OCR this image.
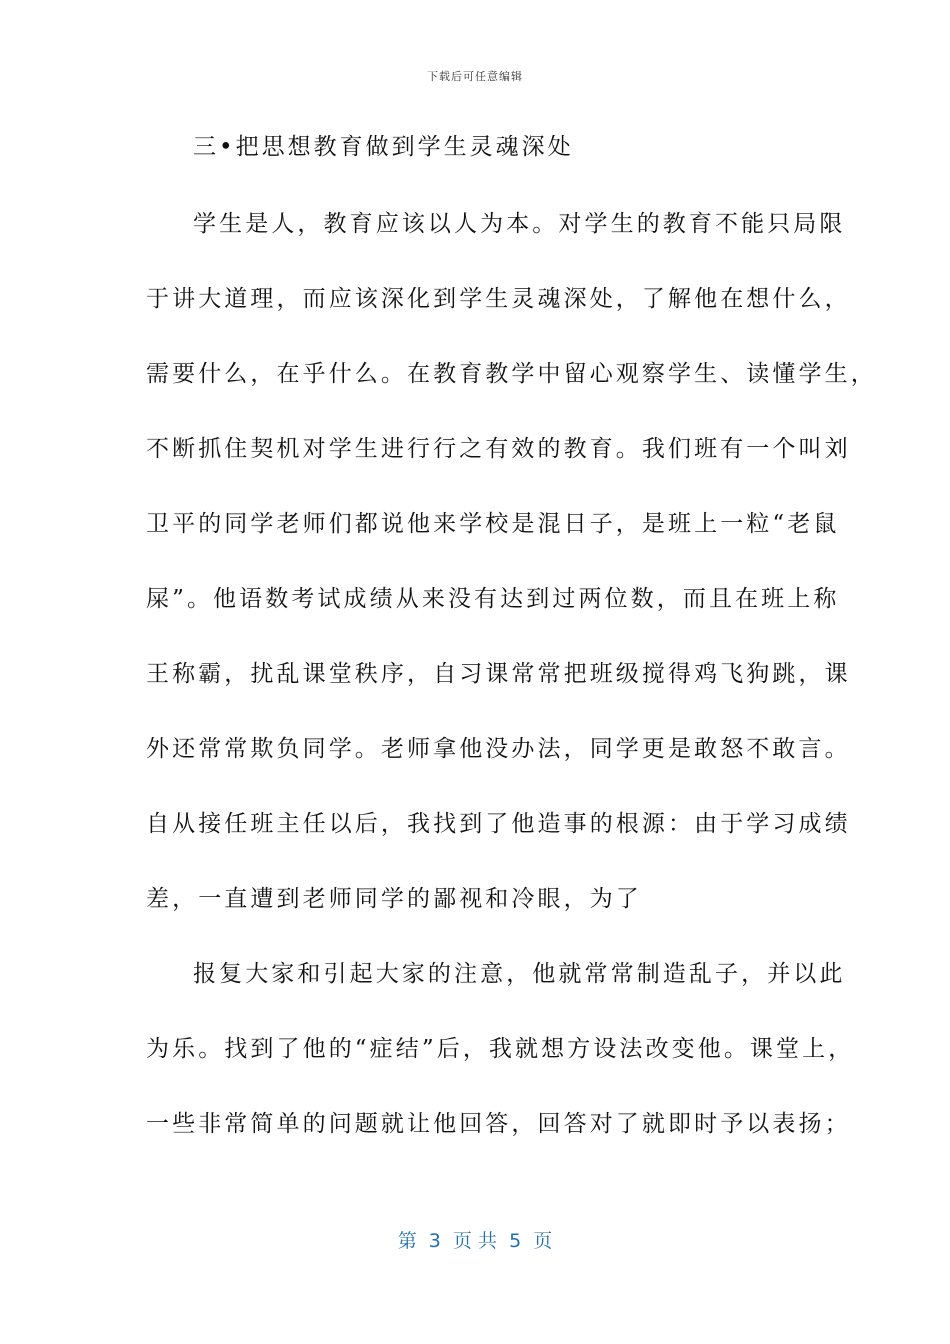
下载后可任意编辑
三•把思想教育做到学生灵魂深处
学生是人，教育应该以人为本。对学生的教育不能只局限
于讲大道理，而应该深化到学生灵魂深处，了解他在想什么，
需要什么，在乎什么。在教育教学中留心观察学生、读懂学生，
不断抓住契机对学生进行行之有效的教育。我们班有一个叫刘
卫平的同学老师们都说他来学校是混日子，是班上一粒“老鼠
屎”。他语数考试成绩从来没有达到过两位数，而且在班上称
王称霸，扰乱课堂秩序，自习课常常把班级搅得鸡飞狗跳，课
外还常常欺负同学。老师拿他没办法，同学更是敢怒不敢言。
自从接任班主任以后，我找到了他造事的根源：由于学习成绩
差，一直遭到老师同学的鄙视和冷眼，为了
报复大家和引起大家的注意，他就常常制造乱子，并以此
为乐。找到了他的“症结”后，我就想方设法改变他。课堂上，
一些非常简单的问题就让他回答，回答对了就即时予以表扬；
第  3  页 共  5  页
